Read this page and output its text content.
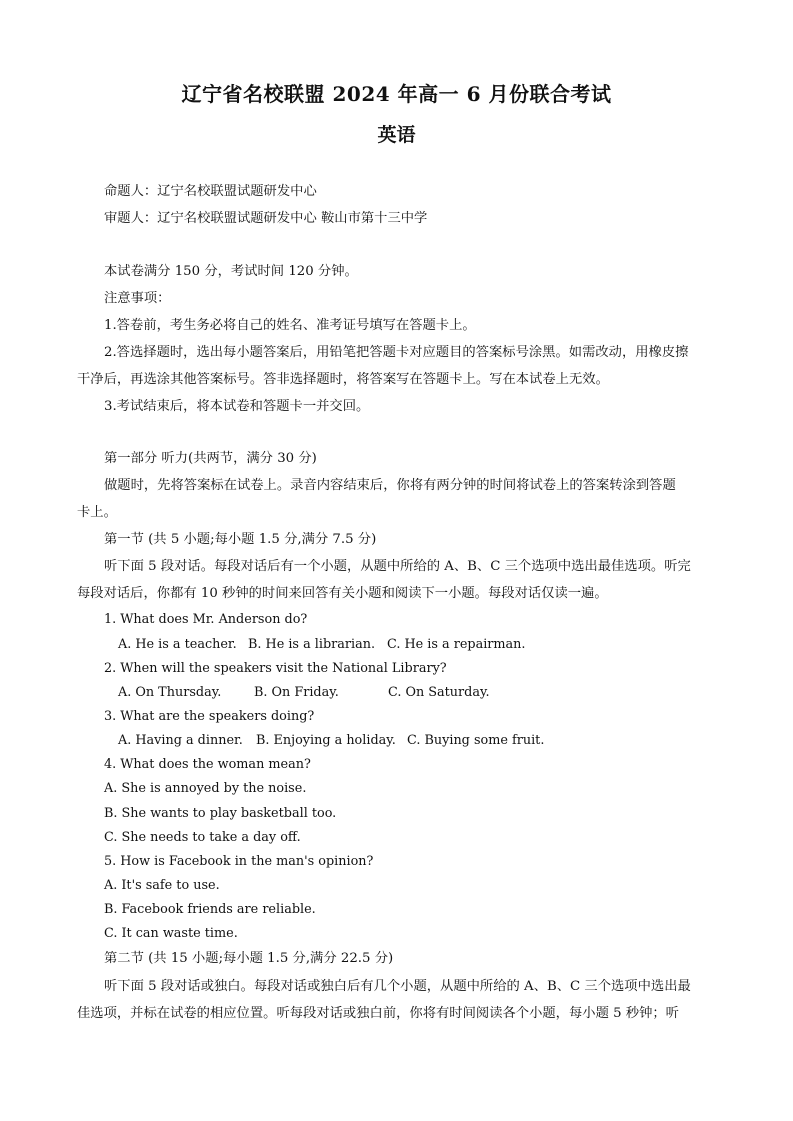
辽宁省名校联盟 2024 年高一 6 月份联合考试
英语
命题人：辽宁名校联盟试题研发中心
审题人：辽宁名校联盟试题研发中心 鞍山市第十三中学
本试卷满分 150 分，考试时间 120 分钟。
注意事项：
1.答卷前，考生务必将自己的姓名、准考证号填写在答题卡上。
2.答选择题时，选出每小题答案后，用铅笔把答题卡对应题目的答案标号涂黑。如需改动，用橡皮擦
干净后，再选涂其他答案标号。答非选择题时，将答案写在答题卡上。写在本试卷上无效。
3.考试结束后，将本试卷和答题卡一并交回。
第一部分 听力(共两节，满分 30 分)
做题时，先将答案标在试卷上。录音内容结束后，你将有两分钟的时间将试卷上的答案转涂到答题
卡上。
第一节 (共 5 小题;每小题 1.5 分,满分 7.5 分)
听下面 5 段对话。每段对话后有一个小题，从题中所给的 A、B、C 三个选项中选出最佳选项。听完
每段对话后，你都有 10 秒钟的时间来回答有关小题和阅读下一小题。每段对话仅读一遍。
1. What does Mr. Anderson do?
A. He is a teacher. B. He is a librarian. C. He is a repairman.
2. When will the speakers visit the National Library?
A. On Thursday.	B. On Friday.	C. On Saturday.
3. What are the speakers doing?
A. Having a dinner. B. Enjoying a holiday. C. Buying some fruit.
4. What does the woman mean?
A. She is annoyed by the noise.
B. She wants to play basketball too.
C. She needs to take a day off.
5. How is Facebook in the man's opinion?
A. It's safe to use.
B. Facebook friends are reliable.
C. It can waste time.
第二节 (共 15 小题;每小题 1.5 分,满分 22.5 分)
听下面 5 段对话或独白。每段对话或独白后有几个小题，从题中所给的 A、B、C 三个选项中选出最
佳选项，并标在试卷的相应位置。听每段对话或独白前，你将有时间阅读各个小题，每小题 5 秒钟；听
